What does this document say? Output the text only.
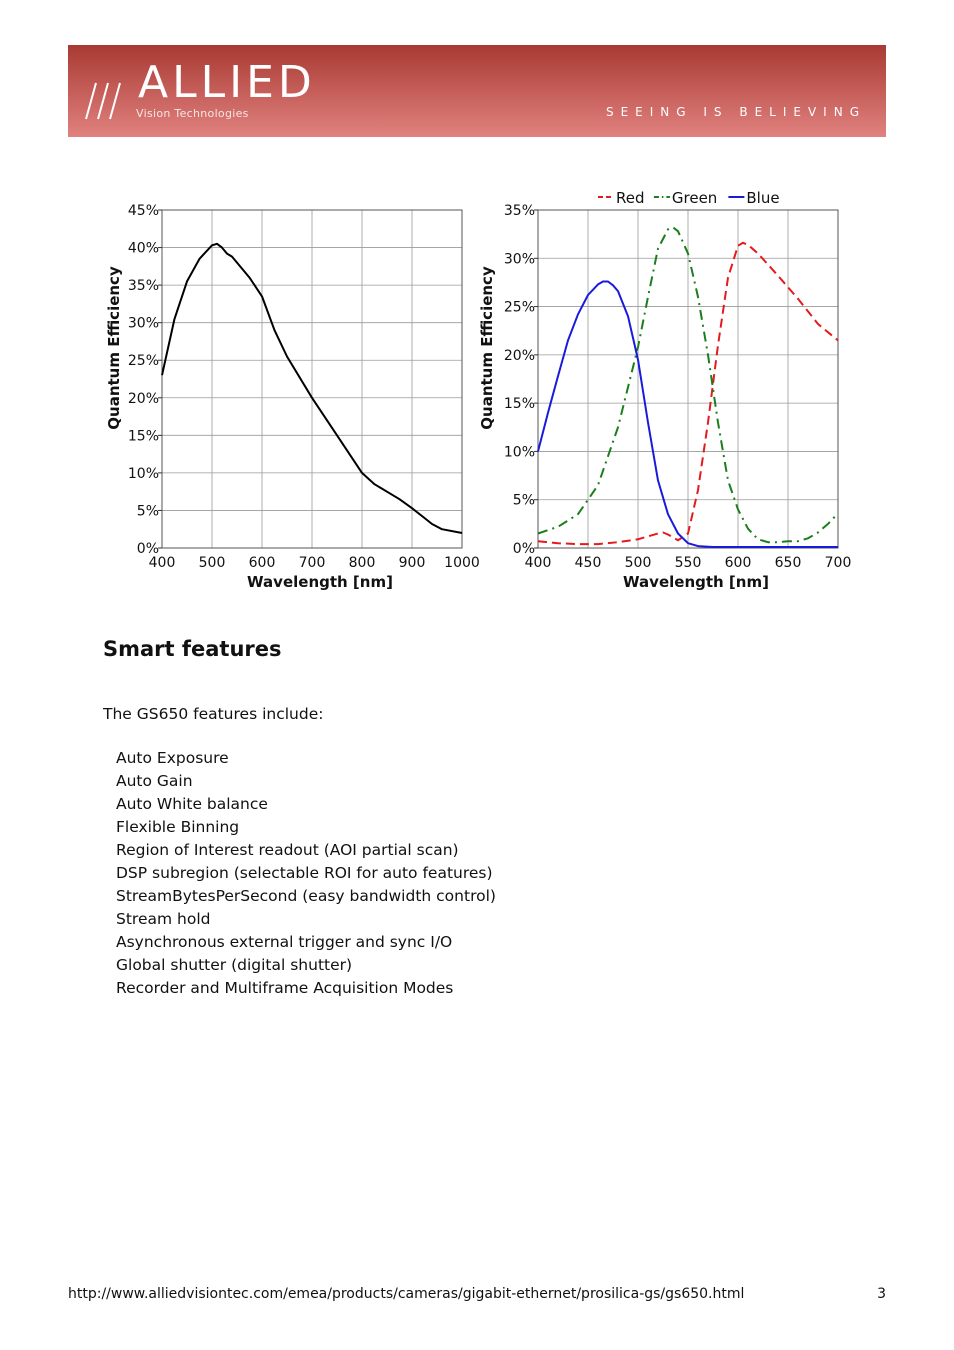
ALLIED
Vision Technologies	SEEING IS BELIEVING
400 500 600 700 800 900 1000
0%
5%
10%
15%
20%
25%
30%
35%
40%
45%
Wavelength [nm]
Quantum Efficiency
400 450 500 550 600 650 700
0%
5%
10%
15%
20%
25%
30%
35%
Wavelength [nm]
Quantum Efficiency
Red Green Blue
Smart features

The GS650 features include:

Auto Exposure
Auto Gain
Auto White balance
Flexible Binning
Region of Interest readout (AOI partial scan)
DSP subregion (selectable ROI for auto features)
StreamBytesPerSecond (easy bandwidth control)
Stream hold
Asynchronous external trigger and sync I/O
Global shutter (digital shutter)
Recorder and Multiframe Acquisition Modes
http://www.alliedvisiontec.com/emea/products/cameras/gigabit-ethernet/prosilica-gs/gs650.html	3
